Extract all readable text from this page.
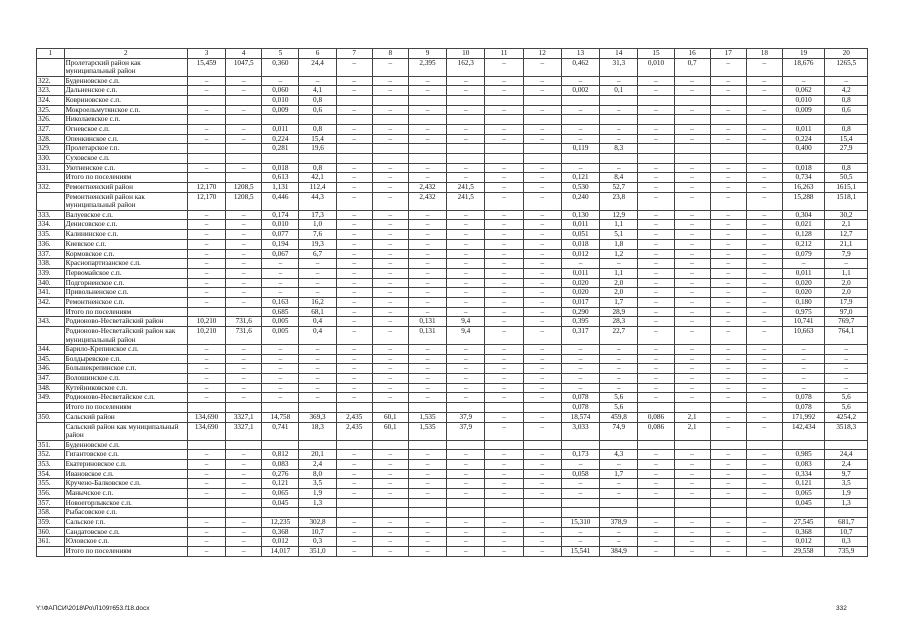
1	2	3	4	5	6	7	8	9	10	11	12	13	14	15	16	17	18	19	20
	Пролетарский район как муниципальный район	15,459	1047,5	0,360	24,4	–	–	2,395	162,3	–	–	0,462	31,3	0,010	0,7	–	–	18,676	1265,5
322.	Буденновское с.п.	–	–	–	–	–	–	–	–	–	–	–	–	–	–	–	–	–	–
323.	Дальненское с.п.	–	–	0,060	4,1	–	–	–	–	–	–	0,002	0,1	–	–	–	–	0,062	4,2
324.	Ковриновское с.п.			0,010	0,8													0,010	0,8
325.	Мокроельмутянское с.п.	–	–	0,009	0,6	–	–	–	–	–	–	–	–	–	–	–	–	0,009	0,6
326.	Николаевское с.п.																		
327.	Огневское с.п.	–	–	0,011	0,8	–	–	–	–	–	–	–	–	–	–	–	–	0,011	0,8
328.	Опенкинское с.п.	–	–	0,224	15,4	–	–	–	–	–	–	–	–	–	–	–	–	0,224	15,4
329.	Пролетарское г.п.			0,281	19,6							0,119	8,3					0,400	27,9
330.	Суховское с.п.																		
331.	Уютненское с.п.	–	–	0,018	0,8	–	–	–	–	–	–	–	–	–	–	–	–	0,018	0,8
	Итого по поселениям			0,613	42,1	–	–	–	–	–	–	0,121	8,4	–	–	–	–	0,734	50,5
332.	Ремонтненский район	12,170	1208,5	1,131	112,4	–	–	2,432	241,5	–	–	0,530	52,7	–	–	–	–	16,263	1615,1
	Ремонтненский район как муниципальный район	12,170	1208,5	0,446	44,3	–	–	2,432	241,5	–	–	0,240	23,8	–	–	–	–	15,288	1518,1
333.	Валуевское с.п.	–	–	0,174	17,3	–	–	–	–	–	–	0,130	12,9	–	–	–	–	0,304	30,2
334.	Денисовское с.п.	–	–	0,010	1,0	–	–	–	–	–	–	0,011	1,1	–	–	–	–	0,021	2,1
335.	Калининское с.п.	–	–	0,077	7,6	–	–	–	–	–	–	0,051	5,1	–	–	–	–	0,128	12,7
336.	Киевское с.п.	–	–	0,194	19,3	–	–	–	–	–	–	0,018	1,8	–	–	–	–	0,212	21,1
337.	Кормовское с.п.	–	–	0,067	6,7	–	–	–	–	–	–	0,012	1,2	–	–	–	–	0,079	7,9
338.	Краснопартизанское с.п.	–	–	–	–	–	–	–	–	–	–	–	–	–	–	–	–	–	–
339.	Первомайское с.п.	–	–	–	–	–	–	–	–	–	–	0,011	1,1	–	–	–	–	0,011	1,1
340.	Подгорненское с.п.	–	–	–	–	–	–	–	–	–	–	0,020	2,0	–	–	–	–	0,020	2,0
341.	Привольненское с.п.	–	–	–	–	–	–	–	–	–	–	0,020	2,0	–	–	–	–	0,020	2,0
342.	Ремонтненское с.п.	–	–	0,163	16,2	–	–	–	–	–	–	0,017	1,7	–	–	–	–	0,180	17,9
	Итого по поселениям			0,685	68,1	–	–	–	–	–	–	0,290	28,9	–	–	–	–	0,975	97,0
343.	Родионово-Несветайский район	10,210	731,6	0,005	0,4	–	–	0,131	9,4	–	–	0,395	28,3	–	–	–	–	10,741	769,7
	Родионово-Несветайский район как муниципальный район	10,210	731,6	0,005	0,4	–	–	0,131	9,4	–	–	0,317	22,7	–	–	–	–	10,663	764,1
344.	Барило-Крепинское с.п.	–	–	–	–	–	–	–	–	–	–	–	–	–	–	–	–	–	–
345.	Болдыревское с.п.	–	–	–	–	–	–	–	–	–	–	–	–	–	–	–	–	–	–
346.	Большекрепинское с.п.	–	–	–	–	–	–	–	–	–	–	–	–	–	–	–	–	–	–
347.	Волошинское с.п.	–	–	–	–	–	–	–	–	–	–	–	–	–	–	–	–	–	–
348.	Кутейниковское с.п.	–	–	–	–	–	–	–	–	–	–	–	–	–	–	–	–	–	–
349.	Родионово-Несветайское с.п.	–	–	–	–	–	–	–	–	–	–	0,078	5,6	–	–	–	–	0,078	5,6
	Итого по поселениям											0,078	5,6					0,078	5,6
350.	Сальский район	134,690	3327,1	14,758	369,3	2,435	60,1	1,535	37,9	–	–	18,574	459,8	0,086	2,1	–	–	171,992	4254,2
	Сальский район как муниципальный район	134,690	3327,1	0,741	18,3	2,435	60,1	1,535	37,9	–	–	3,033	74,9	0,086	2,1	–	–	142,434	3518,3
351.	Буденновское с.п.																		
352.	Гигантовское с.п.	–	–	0,812	20,1	–	–	–	–	–	–	0,173	4,3	–	–	–	–	0,985	24,4
353.	Екатериновское с.п.	–	–	0,083	2,4	–	–	–	–	–	–	–	–	–	–	–	–	0,083	2,4
354.	Ивановское с.п.	–	–	0,276	8,0	–	–	–	–	–	–	0,058	1,7	–	–	–	–	0,334	9,7
355.	Кручено-Балковское с.п.	–	–	0,121	3,5	–	–	–	–	–	–	–	–	–	–	–	–	0,121	3,5
356.	Манычское с.п.	–	–	0,065	1,9	–	–	–	–	–	–	–	–	–	–	–	–	0,065	1,9
357.	Новоегорлыкское с.п.			0,045	1,3													0,045	1,3
358.	Рыбасовское с.п.																		
359.	Сальское г.п.	–	–	12,235	302,8	–	–	–	–	–	–	15,310	378,9	–	–	–	–	27,545	681,7
360.	Сандатовское с.п.	–	–	0,368	10,7	–	–	–	–	–	–	–	–	–	–	–	–	0,368	10,7
361.	Юловское с.п.	–	–	0,012	0,3	–	–	–	–	–	–	–	–	–	–	–	–	0,012	0,3
	Итого по поселениям	–	–	14,017	351,0	–	–	–	–	–	–	15,541	384,9	–	–	–	–	29,558	735,9
Y:\ФАПСИ\2018\Ро\Л109т653.f18.docx	332
